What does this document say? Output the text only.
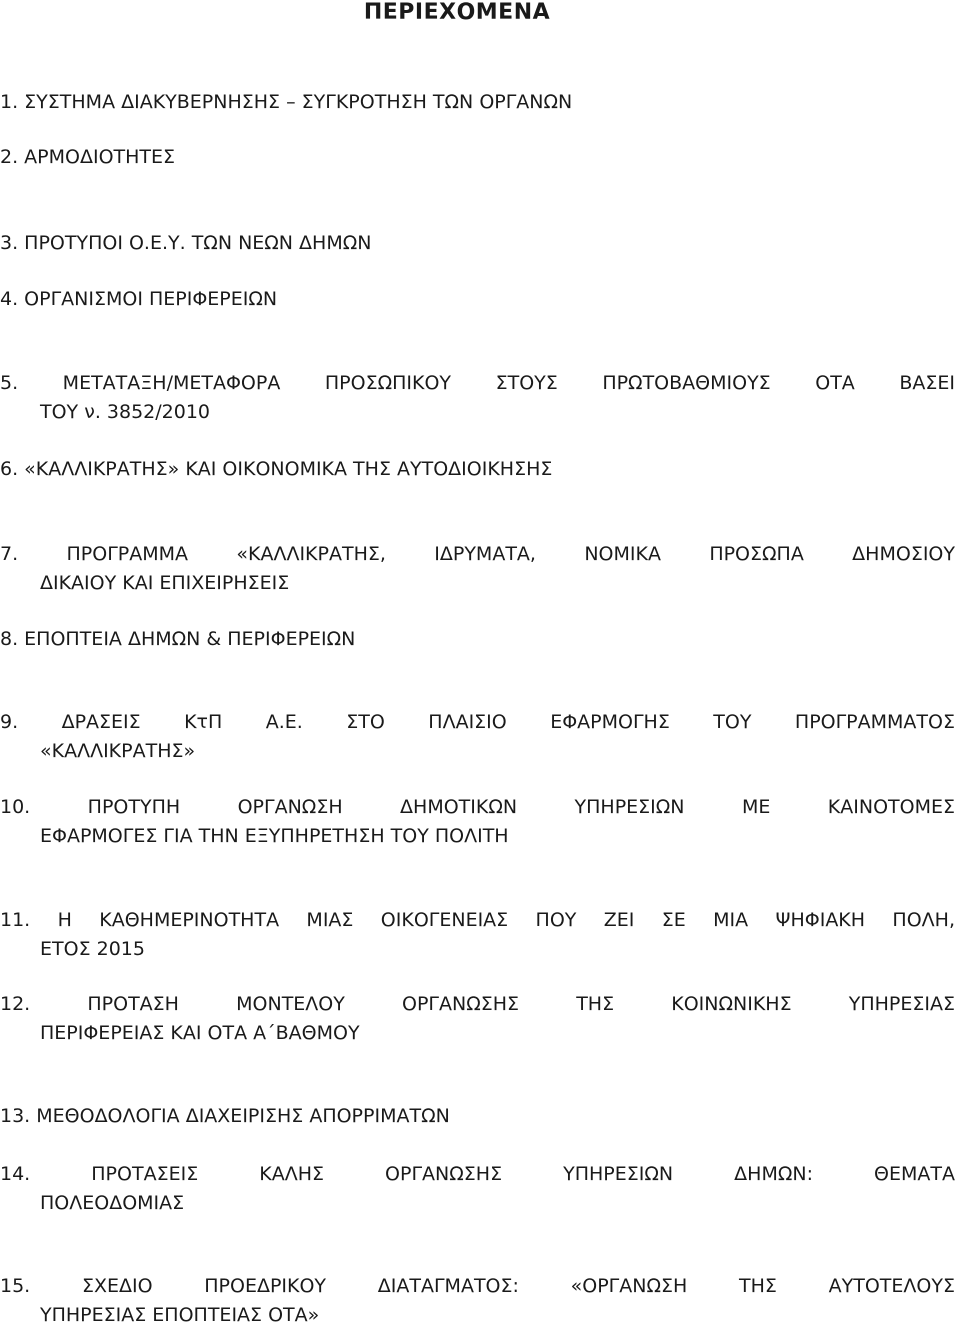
ΠΕΡΙΕΧΟΜΕΝΑ
1. ΣΥΣΤΗΜΑ ΔΙΑΚΥΒΕΡΝΗΣΗΣ – ΣΥΓΚΡΟΤΗΣΗ ΤΩΝ ΟΡΓΑΝΩΝ
2. ΑΡΜΟΔΙΟΤΗΤΕΣ
3. ΠΡΟΤΥΠΟΙ Ο.Ε.Υ. ΤΩΝ ΝΕΩΝ ΔΗΜΩΝ
4. ΟΡΓΑΝΙΣΜΟΙ ΠΕΡΙΦΕΡΕΙΩΝ
5. ΜΕΤΑΤΑΞΗ/ΜΕΤΑΦΟΡΑ ΠΡΟΣΩΠΙΚΟΥ ΣΤΟΥΣ ΠΡΩΤΟΒΑΘΜΙΟΥΣ ΟΤΑ ΒΑΣΕΙ
ΤΟΥ ν. 3852/2010
6. «ΚΑΛΛΙΚΡΑΤΗΣ» ΚΑΙ ΟΙΚΟΝΟΜΙΚΑ ΤΗΣ ΑΥΤΟΔΙΟΙΚΗΣΗΣ
7. ΠΡΟΓΡΑΜΜΑ «ΚΑΛΛΙΚΡΑΤΗΣ, ΙΔΡΥΜΑΤΑ, ΝΟΜΙΚΑ ΠΡΟΣΩΠΑ ΔΗΜΟΣΙΟΥ
ΔΙΚΑΙΟΥ ΚΑΙ ΕΠΙΧΕΙΡΗΣΕΙΣ
8. ΕΠΟΠΤΕΙΑ ΔΗΜΩΝ & ΠΕΡΙΦΕΡΕΙΩΝ
9. ΔΡΑΣΕΙΣ ΚτΠ Α.Ε. ΣΤΟ ΠΛΑΙΣΙΟ ΕΦΑΡΜΟΓΗΣ ΤΟΥ ΠΡΟΓΡΑΜΜΑΤΟΣ
«ΚΑΛΛΙΚΡΑΤΗΣ»
10. ΠΡΟΤΥΠΗ ΟΡΓΑΝΩΣΗ ΔΗΜΟΤΙΚΩΝ ΥΠΗΡΕΣΙΩΝ ΜΕ ΚΑΙΝΟΤΟΜΕΣ
ΕΦΑΡΜΟΓΕΣ ΓΙΑ ΤΗΝ ΕΞΥΠΗΡΕΤΗΣΗ ΤΟΥ ΠΟΛΙΤΗ
11. Η ΚΑΘΗΜΕΡΙΝΟΤΗΤΑ ΜΙΑΣ ΟΙΚΟΓΕΝΕΙΑΣ ΠΟΥ ΖΕΙ ΣΕ ΜΙΑ ΨΗΦΙΑΚΗ ΠΟΛΗ,
ΕΤΟΣ 2015
12. ΠΡΟΤΑΣΗ ΜΟΝΤΕΛΟΥ ΟΡΓΑΝΩΣΗΣ ΤΗΣ ΚΟΙΝΩΝΙΚΗΣ ΥΠΗΡΕΣΙΑΣ
ΠΕΡΙΦΕΡΕΙΑΣ ΚΑΙ ΟΤΑ Α΄ΒΑΘΜΟΥ
13. ΜΕΘΟΔΟΛΟΓΙΑ ΔΙΑΧΕΙΡΙΣΗΣ ΑΠΟΡΡΙΜΑΤΩΝ
14. ΠΡΟΤΑΣΕΙΣ ΚΑΛΗΣ ΟΡΓΑΝΩΣΗΣ ΥΠΗΡΕΣΙΩΝ ΔΗΜΩΝ: ΘΕΜΑΤΑ
ΠΟΛΕΟΔΟΜΙΑΣ
15. ΣΧΕΔΙΟ ΠΡΟΕΔΡΙΚΟΥ ΔΙΑΤΑΓΜΑΤΟΣ: «ΟΡΓΑΝΩΣΗ ΤΗΣ ΑΥΤΟΤΕΛΟΥΣ
ΥΠΗΡΕΣΙΑΣ ΕΠΟΠΤΕΙΑΣ ΟΤΑ»
